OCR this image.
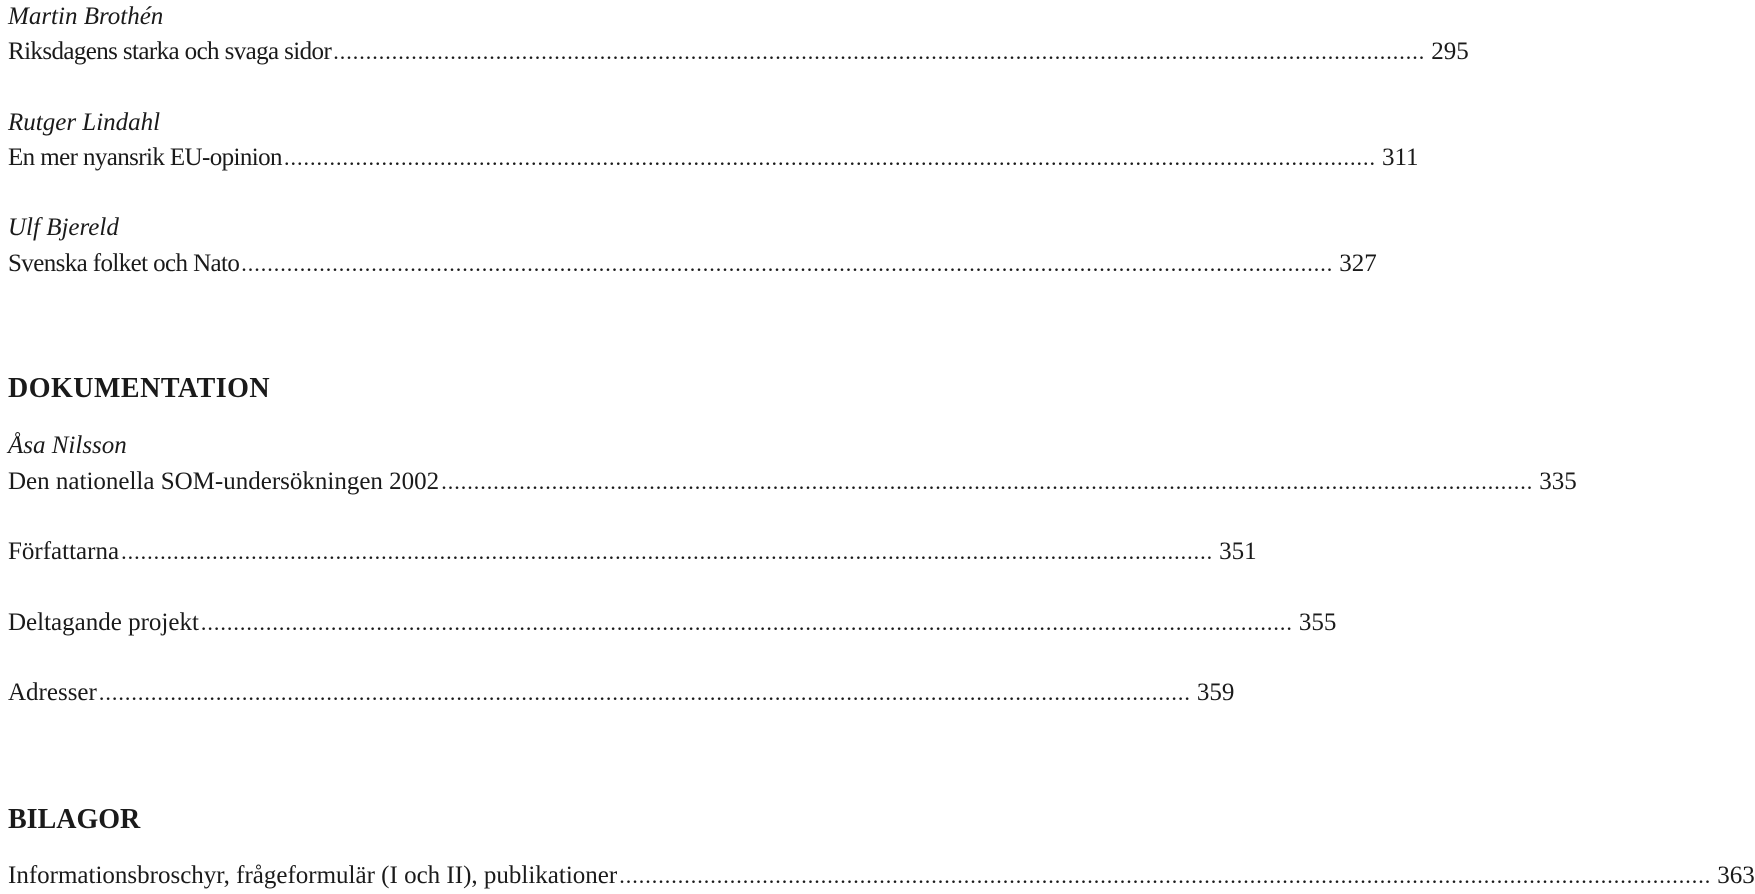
Martin Brothén
Riksdagens starka och svaga sidor ........................................................................................................................................................................ 295
Rutger Lindahl
En mer nyansrik EU-opinion ........................................................................................................................................................................ 311
Ulf Bjereld
Svenska folket och Nato ........................................................................................................................................................................ 327
DOKUMENTATION
Åsa Nilsson
Den nationella SOM-undersökningen 2002 ........................................................................................................................................................................ 335
Författarna ........................................................................................................................................................................ 351
Deltagande projekt ........................................................................................................................................................................ 355
Adresser ........................................................................................................................................................................ 359
BILAGOR
Informationsbroschyr, frågeformulär (I och II), publikationer ........................................................................................................................................................................ 363
